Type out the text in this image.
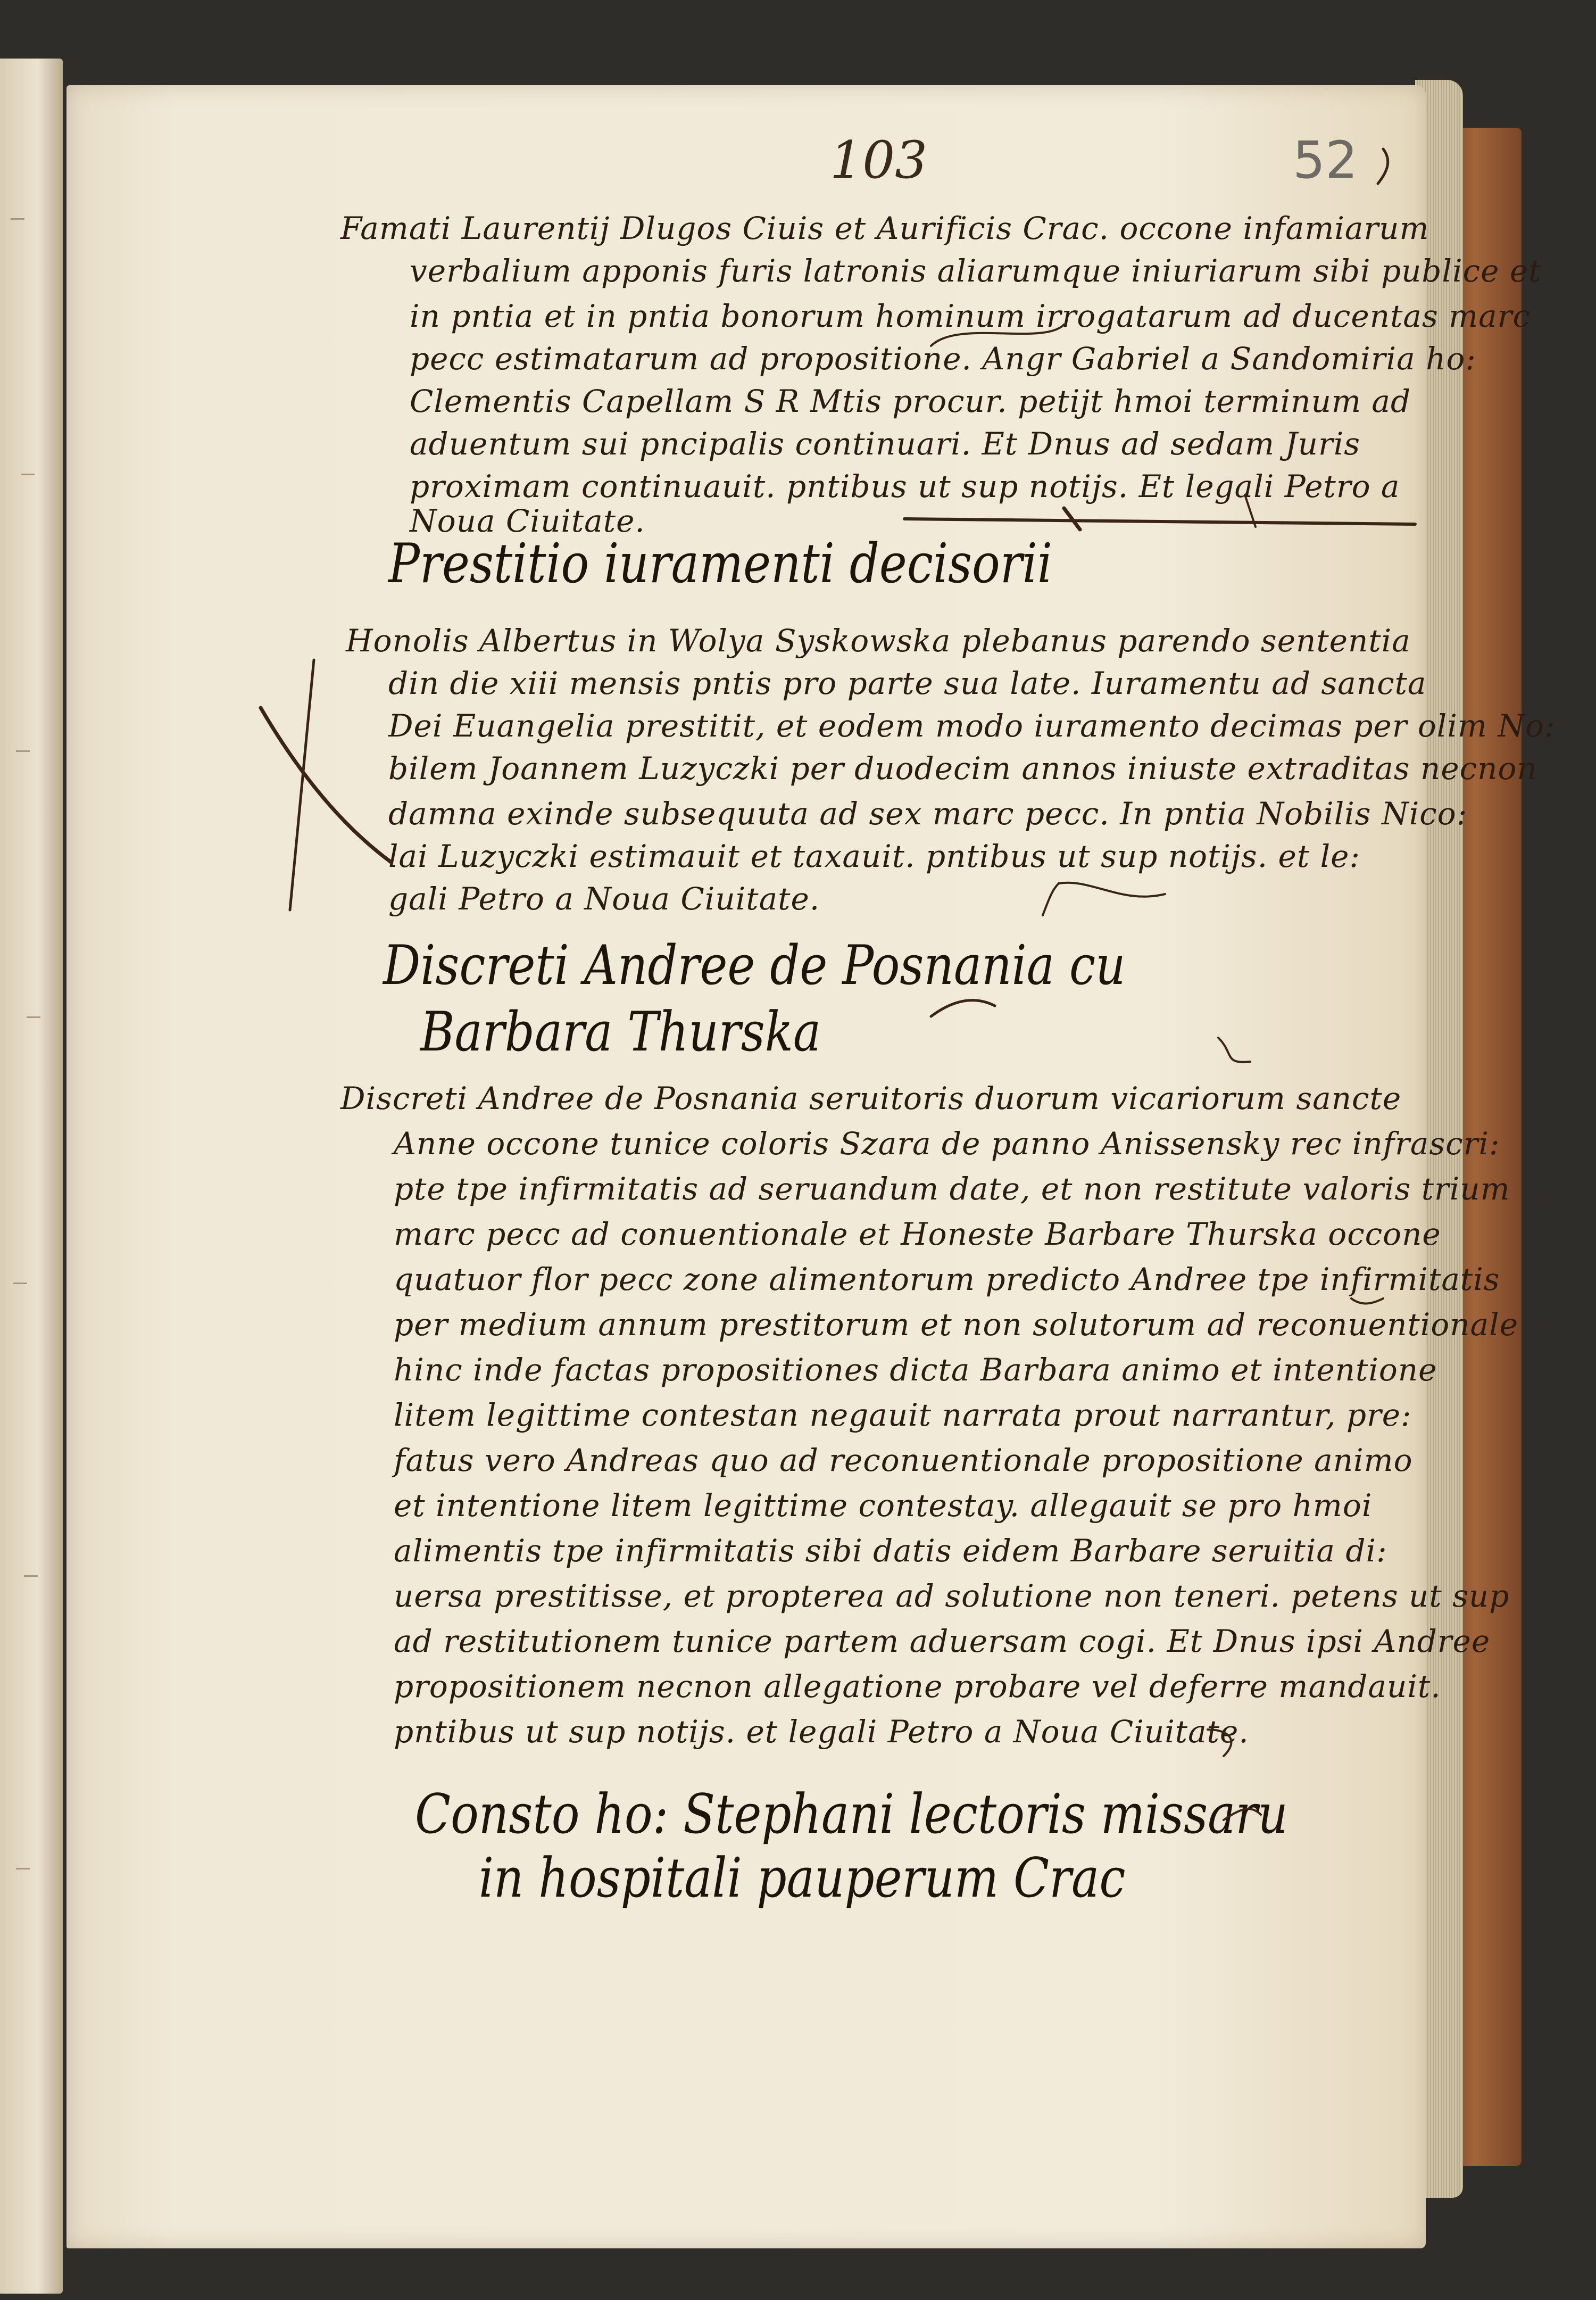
103	52
Famati Laurentij Dlugos Ciuis et Aurificis Crac. occone infamiarum
verbalium apponis furis latronis aliarumque iniuriarum sibi publice et
in pntia et in pntia bonorum hominum irrogatarum ad ducentas marc
pecc estimatarum ad propositione. Angr Gabriel a Sandomiria ho:
Clementis Capellam S R Mtis procur. petijt hmoi terminum ad
aduentum sui pncipalis continuari. Et Dnus ad sedam Juris
proximam continuauit. pntibus ut sup notijs. Et legali Petro a
Noua Ciuitate.
Prestitio iuramenti decisorii
Honolis Albertus in Wolya Syskowska plebanus parendo sententia
din die xiii mensis pntis pro parte sua late. Iuramentu ad sancta
Dei Euangelia prestitit, et eodem modo iuramento decimas per olim No:
bilem Joannem Luzyczki per duodecim annos iniuste extraditas necnon
damna exinde subsequuta ad sex marc pecc. In pntia Nobilis Nico:
lai Luzyczki estimauit et taxauit. pntibus ut sup notijs. et le:
gali Petro a Noua Ciuitate.
Discreti Andree de Posnania cu
Barbara Thurska
Discreti Andree de Posnania seruitoris duorum vicariorum sancte
Anne occone tunice coloris Szara de panno Anissensky rec infrascri:
pte tpe infirmitatis ad seruandum date, et non restitute valoris trium
marc pecc ad conuentionale et Honeste Barbare Thurska occone
quatuor flor pecc zone alimentorum predicto Andree tpe infirmitatis
per medium annum prestitorum et non solutorum ad reconuentionale
hinc inde factas propositiones dicta Barbara animo et intentione
litem legittime contestan negauit narrata prout narrantur, pre:
fatus vero Andreas quo ad reconuentionale propositione animo
et intentione litem legittime contestay. allegauit se pro hmoi
alimentis tpe infirmitatis sibi datis eidem Barbare seruitia di:
uersa prestitisse, et propterea ad solutione non teneri. petens ut sup
ad restitutionem tunice partem aduersam cogi. Et Dnus ipsi Andree
propositionem necnon allegatione probare vel deferre mandauit.
pntibus ut sup notijs. et legali Petro a Noua Ciuitate.
Consto ho: Stephani lectoris missaru
in hospitali pauperum Crac
